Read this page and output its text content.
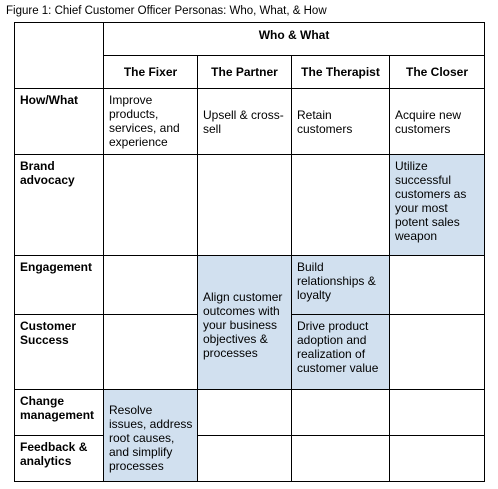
Figure 1: Chief Customer Officer Personas: Who, What, & How
	Who & What			
	The Fixer	The Partner	The Therapist	The Closer
How/What	Improve products, services, and experience	Upsell & cross-sell	Retain customers	Acquire new customers
Brand advocacy				Utilize successful customers as your most potent sales weapon
Engagement		Align customer outcomes with your business objectives & processes	Build relationships & loyalty	
Customer Success			Drive product adoption and realization of customer value	
Change management	Resolve issues, address root causes, and simplify processes			
Feedback & analytics				
